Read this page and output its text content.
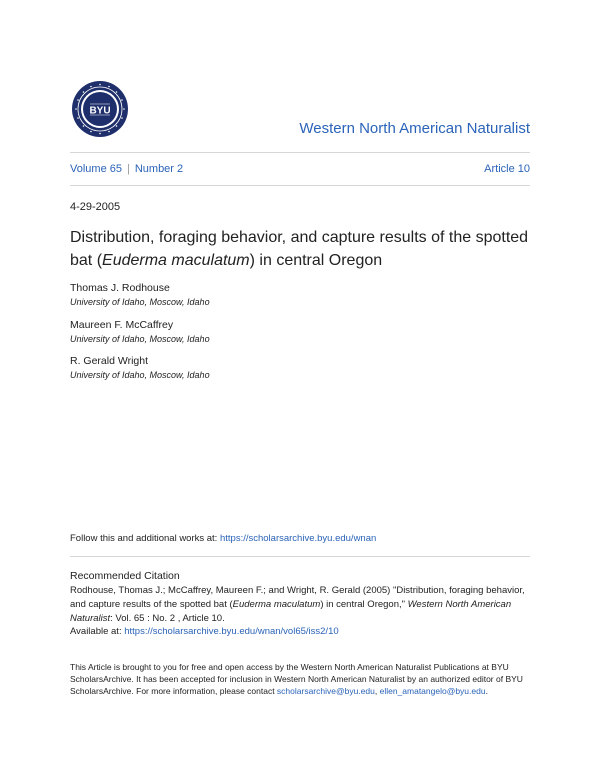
BYU
Western North American Naturalist
Volume 65 | Number 2	Article 10
4-29-2005
Distribution, foraging behavior, and capture results of the spotted bat (Euderma maculatum) in central Oregon
Thomas J. Rodhouse
University of Idaho, Moscow, Idaho
Maureen F. McCaffrey
University of Idaho, Moscow, Idaho
R. Gerald Wright
University of Idaho, Moscow, Idaho
Follow this and additional works at: https://scholarsarchive.byu.edu/wnan
Recommended Citation
Rodhouse, Thomas J.; McCaffrey, Maureen F.; and Wright, R. Gerald (2005) "Distribution, foraging behavior, and capture results of the spotted bat (Euderma maculatum) in central Oregon," Western North American Naturalist: Vol. 65 : No. 2 , Article 10.
Available at: https://scholarsarchive.byu.edu/wnan/vol65/iss2/10
This Article is brought to you for free and open access by the Western North American Naturalist Publications at BYU ScholarsArchive. It has been accepted for inclusion in Western North American Naturalist by an authorized editor of BYU ScholarsArchive. For more information, please contact scholarsarchive@byu.edu, ellen_amatangelo@byu.edu.
